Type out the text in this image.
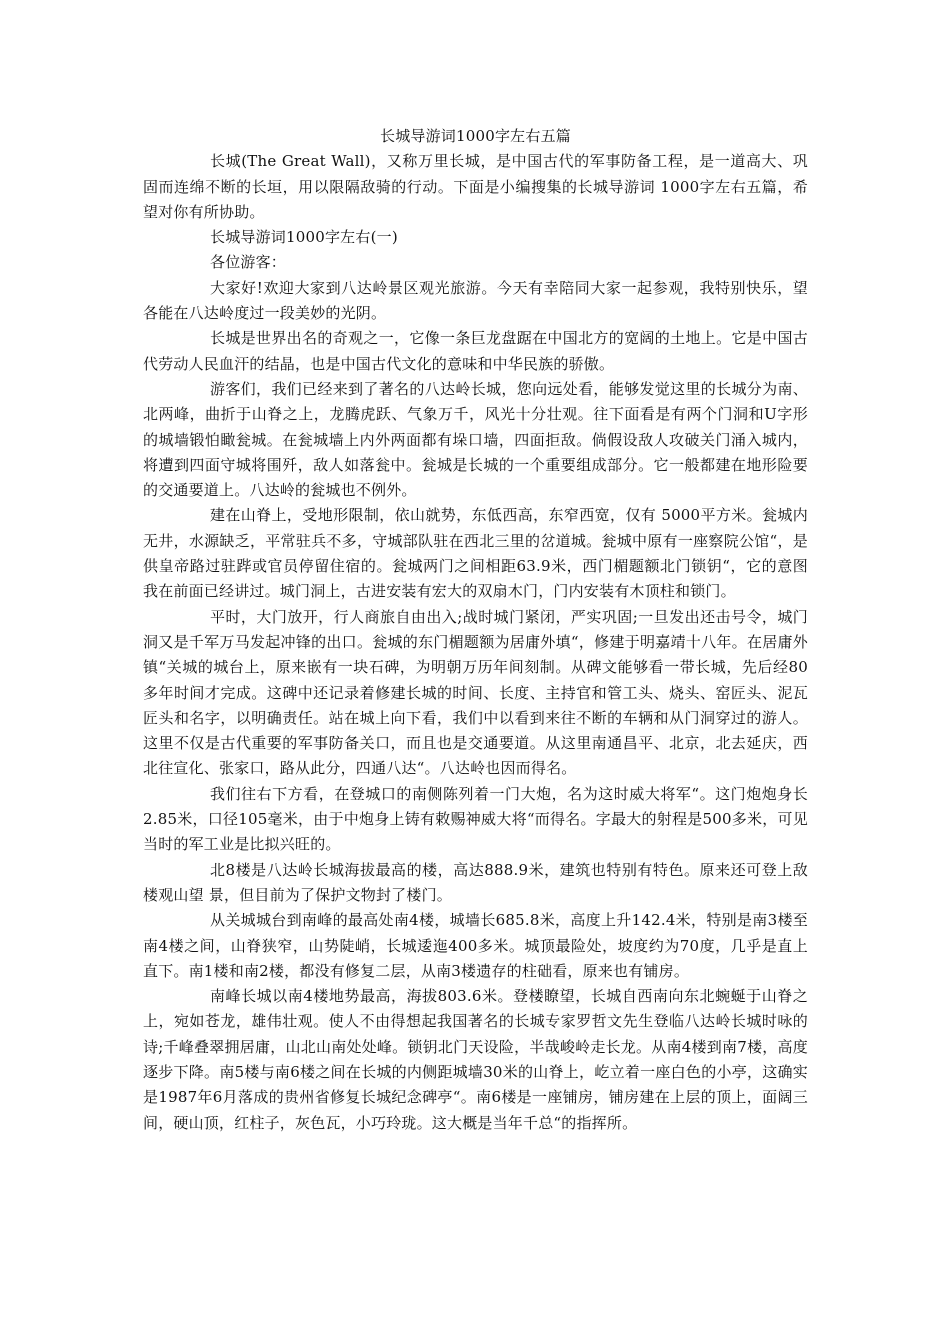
长城导游词1000字左右五篇

长城(The Great Wall)，又称万里长城，是中国古代的军事防备工程，是一道高大、巩固而连绵不断的长垣，用以限隔敌骑的行动。下面是小编搜集的长城导游词 1000字左右五篇，希望对你有所协助。

长城导游词1000字左右(一)

各位游客：

大家好!欢迎大家到八达岭景区观光旅游。今天有幸陪同大家一起参观，我特别快乐，望各能在八达岭度过一段美妙的光阴。

长城是世界出名的奇观之一，它像一条巨龙盘踞在中国北方的宽阔的土地上。它是中国古代劳动人民血汗的结晶，也是中国古代文化的意味和中华民族的骄傲。

游客们，我们已经来到了著名的八达岭长城，您向远处看，能够发觉这里的长城分为南、北两峰，曲折于山脊之上，龙腾虎跃、气象万千，风光十分壮观。往下面看是有两个门洞和U字形的城墙锻怕瞰瓮城。在瓮城墙上内外两面都有垛口墙，四面拒敌。倘假设敌人攻破关门涌入城内，将遭到四面守城将围歼，敌人如落瓮中。瓮城是长城的一个重要组成部分。它一般都建在地形险要的交通要道上。八达岭的瓮城也不例外。

建在山脊上，受地形限制，依山就势，东低西高，东窄西宽，仅有 5000平方米。瓮城内无井，水源缺乏，平常驻兵不多，守城部队驻在西北三里的岔道城。瓮城中原有一座察院公馆“，是供皇帝路过驻跸或官员停留住宿的。瓮城两门之间相距63.9米，西门楣题额北门锁钥“，它的意图我在前面已经讲过。城门洞上，古进安装有宏大的双扇木门，门内安装有木顶柱和锁门。

平时，大门放开，行人商旅自由出入;战时城门紧闭，严实巩固;一旦发出还击号令，城门洞又是千军万马发起冲锋的出口。瓮城的东门楣题额为居庸外填“，修建于明嘉靖十八年。在居庸外镇“关城的城台上，原来嵌有一块石碑，为明朝万历年间刻制。从碑文能够看一带长城，先后经80多年时间才完成。这碑中还记录着修建长城的时间、长度、主持官和管工头、烧头、窑匠头、泥瓦匠头和名字，以明确责任。站在城上向下看，我们中以看到来往不断的车辆和从门洞穿过的游人。这里不仅是古代重要的军事防备关口，而且也是交通要道。从这里南通昌平、北京，北去延庆，西北往宣化、张家口，路从此分，四通八达“。八达岭也因而得名。

我们往右下方看，在登城口的南侧陈列着一门大炮，名为这时威大将军“。这门炮炮身长2.85米，口径105毫米，由于中炮身上铸有敕赐神威大将“而得名。字最大的射程是500多米，可见当时的军工业是比拟兴旺的。

北8楼是八达岭长城海拔最高的楼，高达888.9米，建筑也特别有特色。原来还可登上敌楼观山望 景，但目前为了保护文物封了楼门。

从关城城台到南峰的最高处南4楼，城墙长685.8米，高度上升142.4米，特别是南3楼至南4楼之间，山脊狭窄，山势陡峭，长城逶迤400多米。城顶最险处，坡度约为70度，几乎是直上直下。南1楼和南2楼，都没有修复二层，从南3楼遗存的柱础看，原来也有铺房。

南峰长城以南4楼地势最高，海拔803.6米。登楼瞭望，长城自西南向东北蜿蜒于山脊之上，宛如苍龙，雄伟壮观。使人不由得想起我国著名的长城专家罗哲文先生登临八达岭长城时咏的诗;千峰叠翠拥居庸，山北山南处处峰。锁钥北门天设险，半哉峻岭走长龙。从南4楼到南7楼，高度逐步下降。南5楼与南6楼之间在长城的内侧距城墙30米的山脊上，屹立着一座白色的小亭，这确实是1987年6月落成的贵州省修复长城纪念碑亭“。南6楼是一座铺房，铺房建在上层的顶上，面阔三间，硬山顶，红柱子，灰色瓦，小巧玲珑。这大概是当年千总“的指挥所。
